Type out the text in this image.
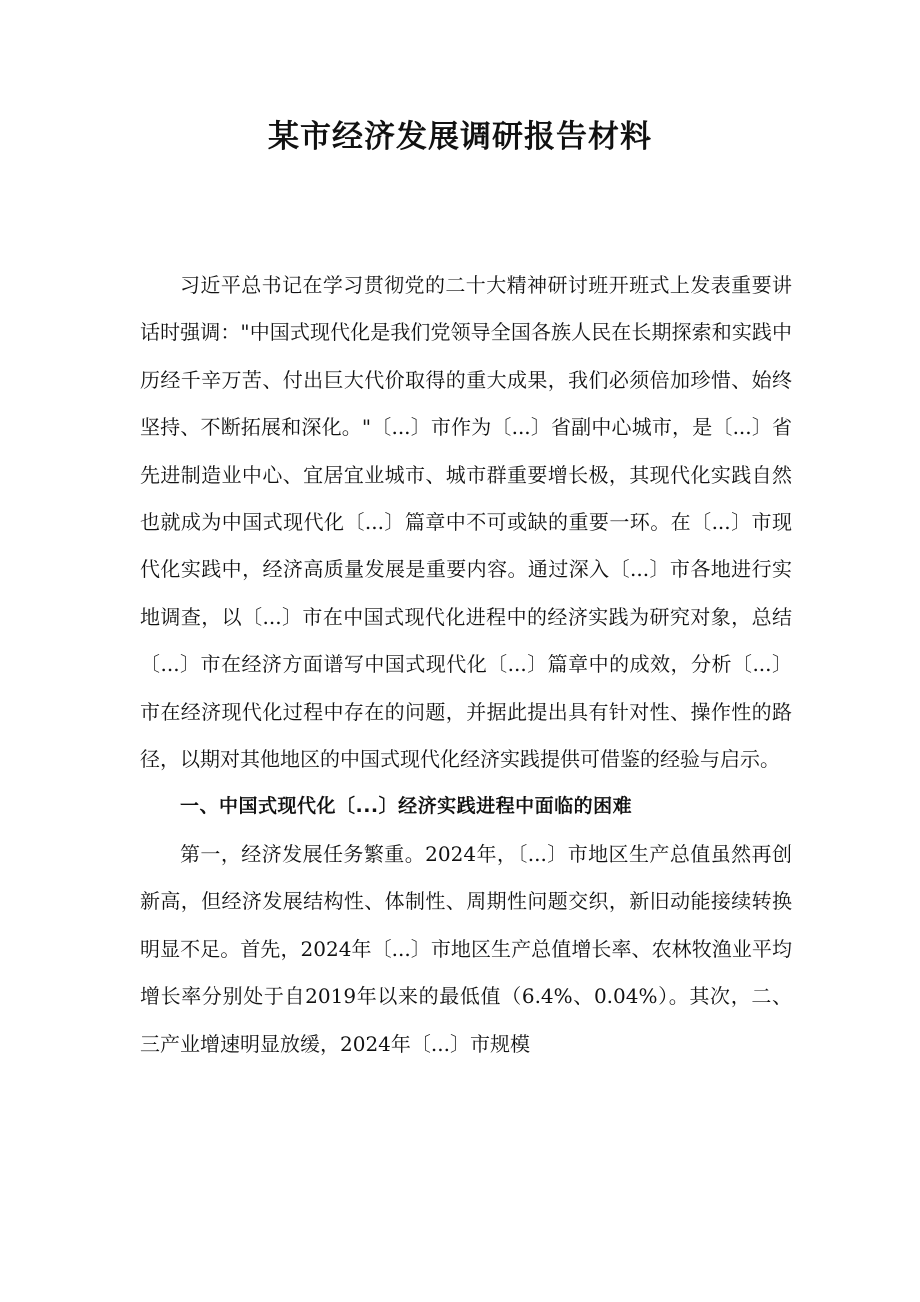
某市经济发展调研报告材料

习近平总书记在学习贯彻党的二十大精神研讨班开班式上发表重要讲话时强调："中国式现代化是我们党领导全国各族人民在长期探索和实践中历经千辛万苦、付出巨大代价取得的重大成果，我们必须倍加珍惜、始终坚持、不断拓展和深化。"〔...〕市作为〔...〕省副中心城市，是〔...〕省先进制造业中心、宜居宜业城市、城市群重要增长极，其现代化实践自然也就成为中国式现代化〔...〕篇章中不可或缺的重要一环。在〔...〕市现代化实践中，经济高质量发展是重要内容。通过深入〔...〕市各地进行实地调查，以〔...〕市在中国式现代化进程中的经济实践为研究对象，总结〔...〕市在经济方面谱写中国式现代化〔...〕篇章中的成效，分析〔...〕市在经济现代化过程中存在的问题，并据此提出具有针对性、操作性的路径，以期对其他地区的中国式现代化经济实践提供可借鉴的经验与启示。

一、中国式现代化〔...〕经济实践进程中面临的困难

第一，经济发展任务繁重。2024年，〔...〕市地区生产总值虽然再创新高，但经济发展结构性、体制性、周期性问题交织，新旧动能接续转换明显不足。首先，2024年〔...〕市地区生产总值增长率、农林牧渔业平均增长率分别处于自2019年以来的最低值（6.4%、0.04%）。其次，二、三产业增速明显放缓，2024年〔...〕市规模
